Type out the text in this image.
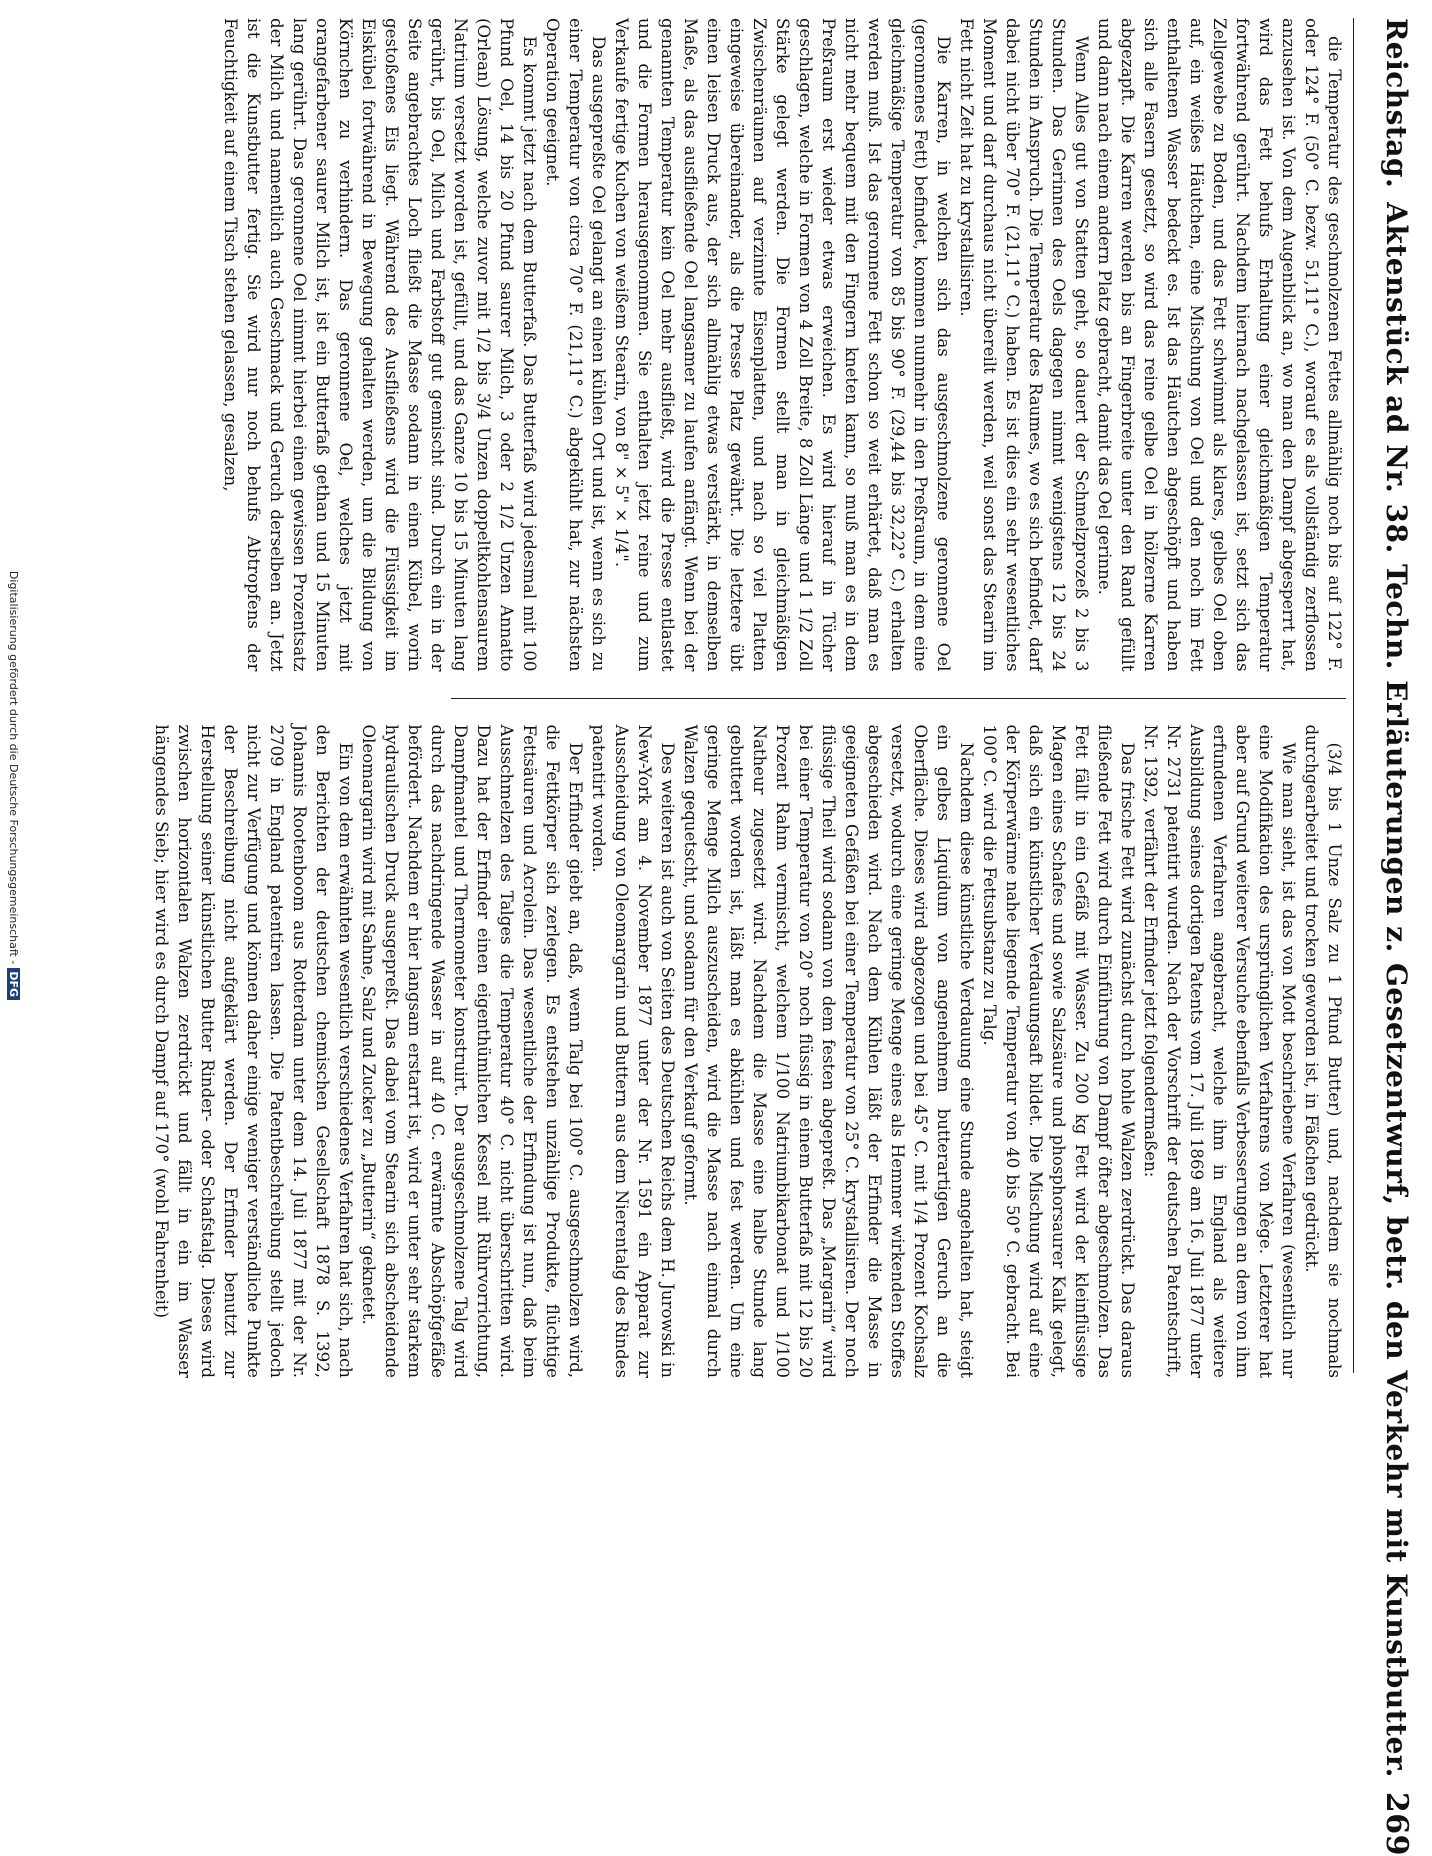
Reichstag.
Aktenstück ad Nr. 38. Techn. Erläuterungen z. Gesetzentwurf, betr. den Verkehr mit Kunstbutter.
269

die Temperatur des geschmolzenen Fettes allmählig noch bis auf 122° F. oder 124° F. (50° C. bezw. 51,11° C.), worauf es als vollständig zerflossen anzusehen ist. Von dem Augenblick an, wo man den Dampf abgesperrt hat, wird das Fett behufs Erhaltung einer gleichmäßigen Temperatur fortwährend gerührt. Nachdem hiernach nachgelassen ist, setzt sich das Zellgewebe zu Boden, und das Fett schwimmt als klares, gelbes Oel oben auf, ein weißes Häutchen, eine Mischung von Oel und den noch im Fett enthaltenen Wasser bedeckt es. Ist das Häutchen abgeschöpft und haben sich alle Fasern gesetzt, so wird das reine gelbe Oel in hölzerne Karren abgezapft. Die Karren werden bis an Fingerbreite unter den Rand gefüllt und dann nach einem andern Platz gebracht, damit das Oel gerinne.

Wenn Alles gut von Statten geht, so dauert der Schmelzprozeß 2 bis 3 Stunden. Das Gerinnen des Oels dagegen nimmt wenigstens 12 bis 24 Stunden in Anspruch. Die Temperatur des Raumes, wo es sich befindet, darf dabei nicht über 70° F. (21,11° C.) haben. Es ist dies ein sehr wesentliches Moment und darf durchaus nicht übereilt werden, weil sonst das Stearin im Fett nicht Zeit hat zu krystallisiren.

Die Karren, in welchen sich das ausgeschmolzene geronnene Oel (geronnenes Fett) befindet, kommen nunmehr in den Preßraum, in dem eine gleichmäßige Temperatur von 85 bis 90° F. (29,44 bis 32,22° C.) erhalten werden muß. Ist das geronnene Fett schon so weit erhärtet, daß man es nicht mehr bequem mit den Fingern kneten kann, so muß man es in dem Preßraum erst wieder etwas erweichen. Es wird hierauf in Tücher geschlagen, welche in Formen von 4 Zoll Breite, 8 Zoll Länge und 1 1/2 Zoll Stärke gelegt werden. Die Formen stellt man in gleichmäßigen Zwischenräumen auf verzinnte Eisenplatten, und nach so viel Platten eingeweise übereinander, als die Presse Platz gewährt. Die letztere übt einen leisen Druck aus, der sich allmählig etwas verstärkt, in demselben Maße, als das ausfließende Oel langsamer zu laufen anfängt. Wenn bei der genannten Temperatur kein Oel mehr ausfließt, wird die Presse entlastet und die Formen herausgenommen. Sie enthalten jetzt reine und zum Verkaufe fertige Kuchen von weißem Stearin, von 8" × 5" × 1/4".

Das ausgepreßte Oel gelangt an einen kühlen Ort und ist, wenn es sich zu einer Temperatur von circa 70° F. (21,11° C.) abgekühlt hat, zur nächsten Operation geeignet.

Es kommt jetzt nach dem Butterfaß. Das Butterfaß wird jedesmal mit 100 Pfund Oel, 14 bis 20 Pfund saurer Milch, 3 oder 2 1/2 Unzen Annatto (Orlean) Lösung, welche zuvor mit 1/2 bis 3/4 Unzen doppeltkohlensaurem Natrium versetzt worden ist, gefüllt, und das Ganze 10 bis 15 Minuten lang gerührt, bis Oel, Milch und Farbstoff gut gemischt sind. Durch ein in der Seite angebrachtes Loch fließt die Masse sodann in einen Kübel, worin gestoßenes Eis liegt. Während des Ausfließens wird die Flüssigkeit im Eiskübel fortwährend in Bewegung gehalten werden, um die Bildung von Körnchen zu verhindern. Das geronnene Oel, welches jetzt mit orangefarbener saurer Milch ist, ist ein Butterfaß gethan und 15 Minuten lang gerührt. Das geronnene Oel nimmt hierbei einen gewissen Prozentsatz der Milch und namentlich auch Geschmack und Geruch derselben an. Jetzt ist die Kunstbutter fertig. Sie wird nur noch behufs Abtropfens der Feuchtigkeit auf einem Tisch stehen gelassen, gesalzen,

(3/4 bis 1 Unze Salz zu 1 Pfund Butter) und, nachdem sie nochmals durchgearbeitet und trocken geworden ist, in Fäßchen gedrückt.

Wie man sieht, ist das von Mott beschriebene Verfahren (wesentlich nur eine Modifikation des ursprünglichen Verfahrens von Mège. Letzterer hat aber auf Grund weiterer Versuche ebenfalls Verbesserungen an dem von ihm erfundenen Verfahren angebracht, welche ihm in England als weitere Ausbildung seines dortigen Patents vom 17. Juli 1869 am 16. Juli 1877 unter Nr. 2731 patentirt wurden. Nach der Vorschrift der deutschen Patentschrift, Nr. 1392, verfährt der Erfinder jetzt folgendermaßen:

Das frische Fett wird zunächst durch hohle Walzen zerdrückt. Das daraus fließende Fett wird durch Einführung von Dampf öfter abgeschmolzen. Das Fett fällt in ein Gefäß mit Wasser. Zu 200 kg Fett wird der kleinflüssige Magen eines Schafes und sowie Salzsäure und phosphorsaurer Kalk gelegt, daß sich ein künstlicher Verdauungsaft bildet. Die Mischung wird auf eine der Körperwärme nahe liegende Temperatur von 40 bis 50° C. gebracht. Bei 100° C. wird die Fettsubstanz zu Talg.

Nachdem diese künstliche Verdauung eine Stunde angehalten hat, steigt ein gelbes Liquidum von angenehmem butterartigen Geruch an die Oberfläche. Dieses wird abgezogen und bei 45° C. mit 1/4 Prozent Kochsalz versetzt, wodurch eine geringe Menge eines als Hemmer wirkenden Stoffes abgeschieden wird. Nach dem Kühlen läßt der Erfinder die Masse in geeigneten Gefäßen bei einer Temperatur von 25° C. krystallisiren. Der noch flüssige Theil wird sodann von dem festen abgepreßt. Das „Margarin“ wird bei einer Temperatur von 20° noch flüssig in einem Butterfaß mit 12 bis 20 Prozent Rahm vermischt, welchem 1/100 Natriumbikarbonat und 1/100 Natheur zugesetzt wird. Nachdem die Masse eine halbe Stunde lang gebuttert worden ist, läßt man es abkühlen und fest werden. Um eine geringe Menge Milch auszuscheiden, wird die Masse nach einmal durch Walzen gequetscht, und sodann für den Verkauf geformt.

Des weiteren ist auch von Seiten des Deutschen Reichs dem H. Jurowski in New-York am 4. November 1877 unter der Nr. 1591 ein Apparat zur Ausscheidung von Oleomargarin und Buttern aus dem Nierentalg des Rindes patentirt worden.

Der Erfinder giebt an, daß, wenn Talg bei 100° C. ausgeschmolzen wird, die Fettkörper sich zerlegen. Es entstehen unzählige Produkte, flüchtige Fettsäuren und Acrolein. Das wesentliche der Erfindung ist nun, daß beim Ausschmelzen des Talges die Temperatur 40° C. nicht überschritten wird. Dazu hat der Erfinder einen eigenthümlichen Kessel mit Rührvorrichtung, Dampfmantel und Thermometer konstruirt. Der ausgeschmolzene Talg wird durch das nachdringende Wasser in auf 40 C. erwärmte Abschöpfgefäße befördert. Nachdem er hier langsam erstarrt ist, wird er unter sehr starkem hydraulischen Druck ausgepreßt. Das dabei vom Stearin sich abscheidende Oleomargarin wird mit Sahne, Salz und Zucker zu „Butterin“ geknetet.

Ein von dem erwähnten wesentlich verschiedenes Verfahren hat sich, nach den Berichten der deutschen chemischen Gesellschaft 1878 S. 1392, Johannis Rootenboom aus Rotterdam unter dem 14. Juli 1877 mit der Nr. 2709 in England patentiren lassen. Die Patentbeschreibung stellt jedoch nicht zur Verfügung und können daher einige weniger verständliche Punkte der Beschreibung nicht aufgeklärt werden. Der Erfinder benutzt zur Herstellung seiner künstlichen Butter Rinder- oder Schafstalg. Dieses wird zwischen horizontalen Walzen zerdrückt und fällt in ein im Wasser hängendes Sieb; hier wird es durch Dampf auf 170° (wohl Fahrenheit)

Digitalisierung gefördert durch die Deutsche Forschungsgemeinschaft -DFG
